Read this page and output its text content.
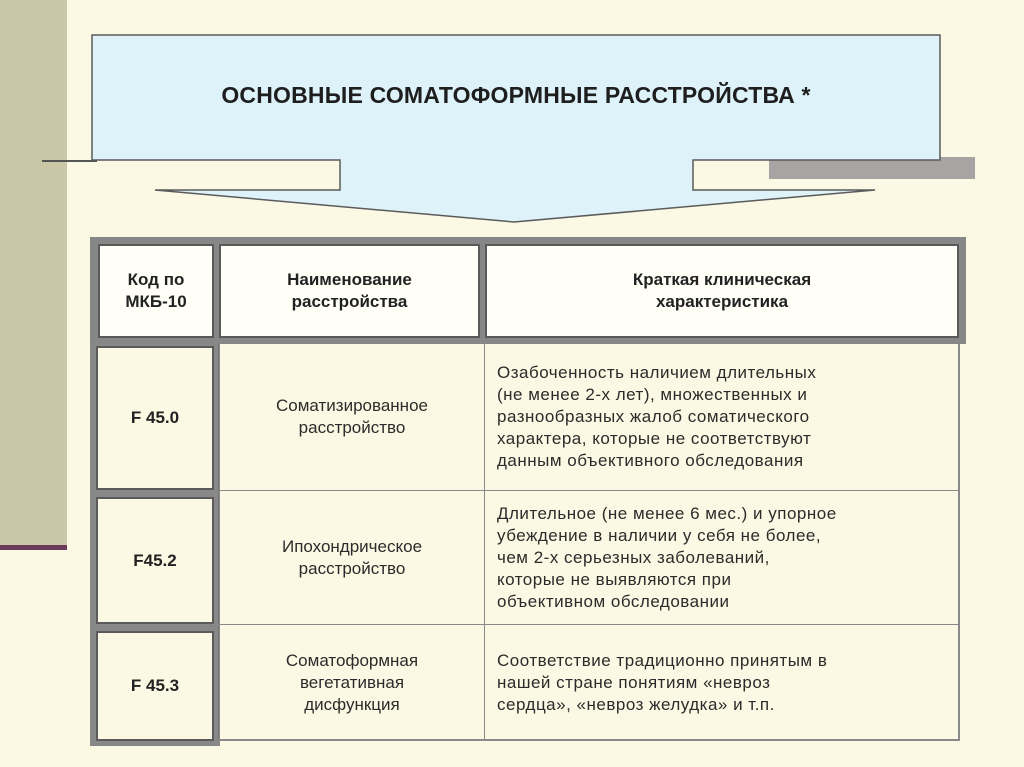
ОСНОВНЫЕ СОМАТОФОРМНЫЕ РАССТРОЙСТВА *
Код по
МКБ-10
Наименование
расстройства
Краткая клиническая
характеристика
F 45.0
F45.2
F 45.3
Соматизированное
расстройство
Озабоченность наличием длительных
(не менее 2-х лет), множественных и
разнообразных жалоб соматического
характера, которые не соответствуют
данным объективного обследования
Ипохондрическое
расстройство
Длительное (не менее 6 мес.) и упорное
убеждение в наличии у себя не более,
чем 2-х серьезных заболеваний,
которые не выявляются при
объективном обследовании
Соматоформная
вегетативная
дисфункция
Соответствие традиционно принятым в
нашей стране понятиям «невроз
сердца», «невроз желудка» и т.п.
